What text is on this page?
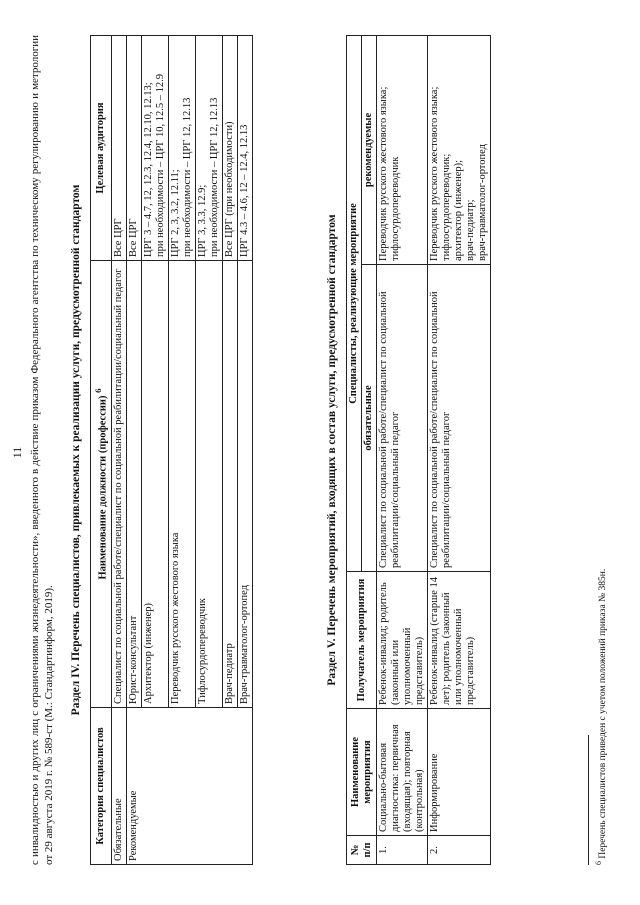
11 с инвалидностью и других лиц с ограничениями жизнедеятельности», введенного в действие приказом Федерального агентства по техническому регулированию и метрологии от 29 августа 2019 г. № 589-ст (М.: Стандартинформ, 2019).
Раздел IV. Перечень специалистов, привлекаемых к реализации услуги, предусмотренной стандартом
Категория специалистов	Наименование должности (профессии) $^6$	Целевая аудитория
Обязательные	Специалист по социальной работе/специалист по социальной реабилитации/социальный педагог	Все ЦРГ
Рекомендуемые	Юрист-консультант	Все ЦРГ
	Архитектор (инженер)	ЦРГ 3 – 4.7, 12, 12.3, 12.4, 12.10, 12.13;
при необходимости – ЦРГ 10, 12.5 – 12.9
	Переводчик русского жестового языка	ЦРГ 2, 3, 3.2, 12.11;
при необходимости – ЦРГ 12, 12.13
	Тифлосурдопереводчик	ЦРГ 3, 3.3, 12.9;
при необходимости – ЦРГ 12, 12.13
	Врач-педиатр	Все ЦРГ (при необходимости)
	Врач-травматолог-ортопед	ЦРГ 4.3 – 4.6, 12 – 12.4, 12.13
Раздел V. Перечень мероприятий, входящих в состав услуги, предусмотренной стандартом
№ п/п	Наименование мероприятия	Получатель мероприятия	Специалисты, реализующие мероприятие	
			обязательные	рекомендуемые
1.	Социально-бытовая диагностика: первичная (входящая); повторная (контрольная)	Ребенок-инвалид; родитель (законный или уполномоченный представитель)	Специалист по социальной работе/специалист по социальной реабилитации/социальный педагог	Переводчик русского жестового языка; тифлосурдопереводчик
2.	Информирование	Ребенок-инвалид (старше 14 лет); родитель (законный или уполномоченный представитель)	Специалист по социальной работе/специалист по социальной реабилитации/социальный педагог	Переводчик русского жестового языка;
тифлосурдопереводчик;
архитектор (инженер);
врач-педиатр;
врач-травматолог-ортопед
$^6$ Перечень специалистов приведен с учетом положений приказа № 385н.
